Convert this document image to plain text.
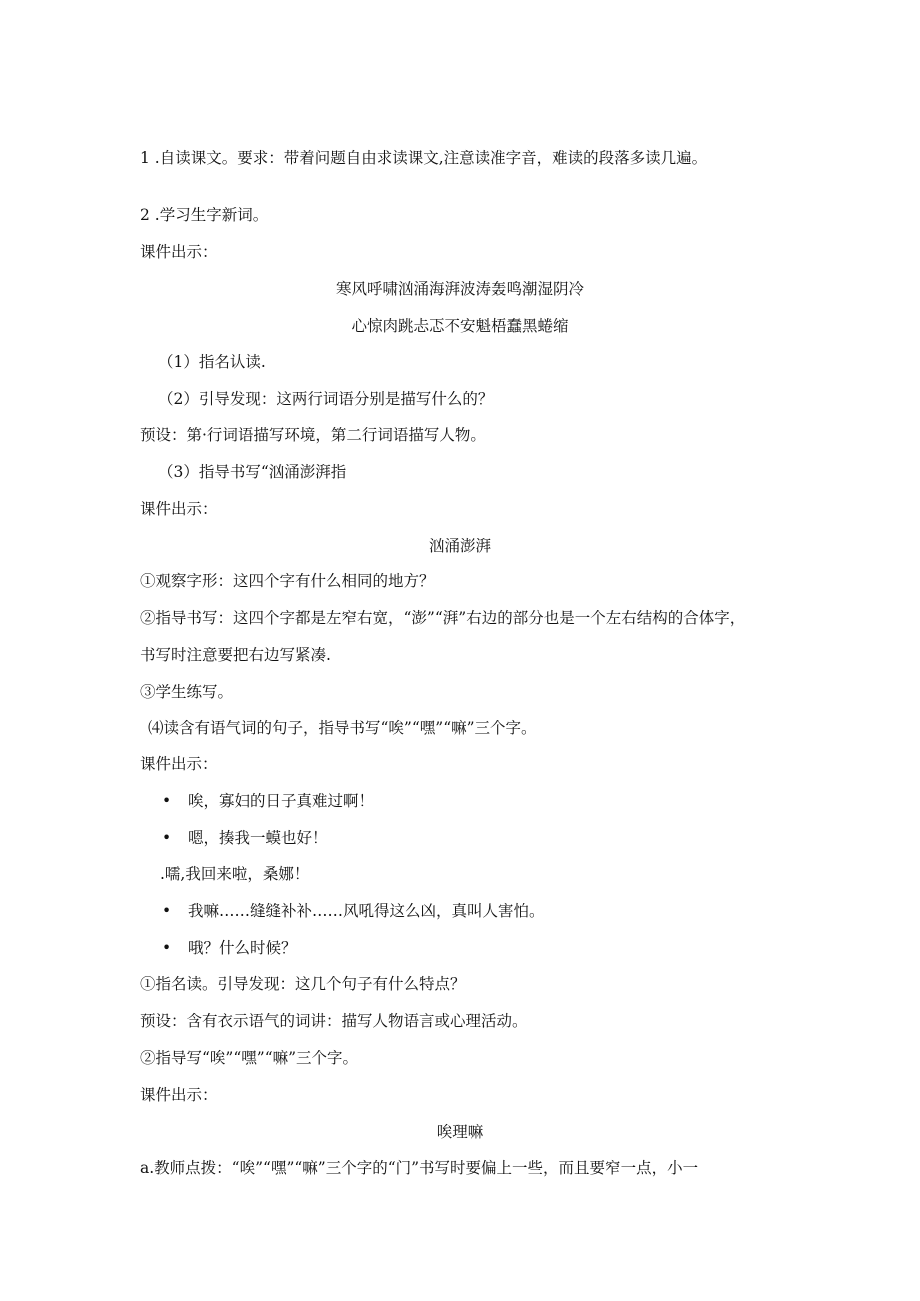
1 .自读课文。要求：带着问题自由求读课文,注意读准字音，难读的段落多读几遍。
2 .学习生字新词。
课件出示：
寒风呼啸汹涌海湃波涛轰鸣潮湿阴冷
心惊肉跳忐忑不安魁梧蠢黑蜷缩
（1）指名认读.
（2）引导发现：这两行词语分别是描写什么的？
预设：第·行词语描写环境，第二行词语描写人物。
（3）指导书写“汹涌澎湃指
课件出示：
汹涌澎湃
①观察字形：这四个字有什么相同的地方？
②指导书写：这四个字都是左窄右宽，“澎”“湃”右边的部分也是一个左右结构的合体字，
书写时注意要把右边写紧凑.
③学生练写。
⑷读含有语气词的句子，指导书写“唉”“嘿”“嘛”三个字。
课件出示：
• 唉，寡妇的日子真难过啊！
• 嗯，揍我一蟆也好！
.嚅,我回来啦，桑娜！
• 我嘛……缝缝补补……风吼得这么凶，真叫人害怕。
• 哦？什么时候？
①指名读。引导发现：这几个句子有什么特点？
预设：含有衣示语气的词讲：描写人物语言或心理活动。
②指导写“唉”“嘿”“嘛”三个字。
课件出示：
唉理嘛
a.教师点拨：“唉”“嘿”“嘛”三个字的“门”书写时要偏上一些，而且要窄一点，小一
